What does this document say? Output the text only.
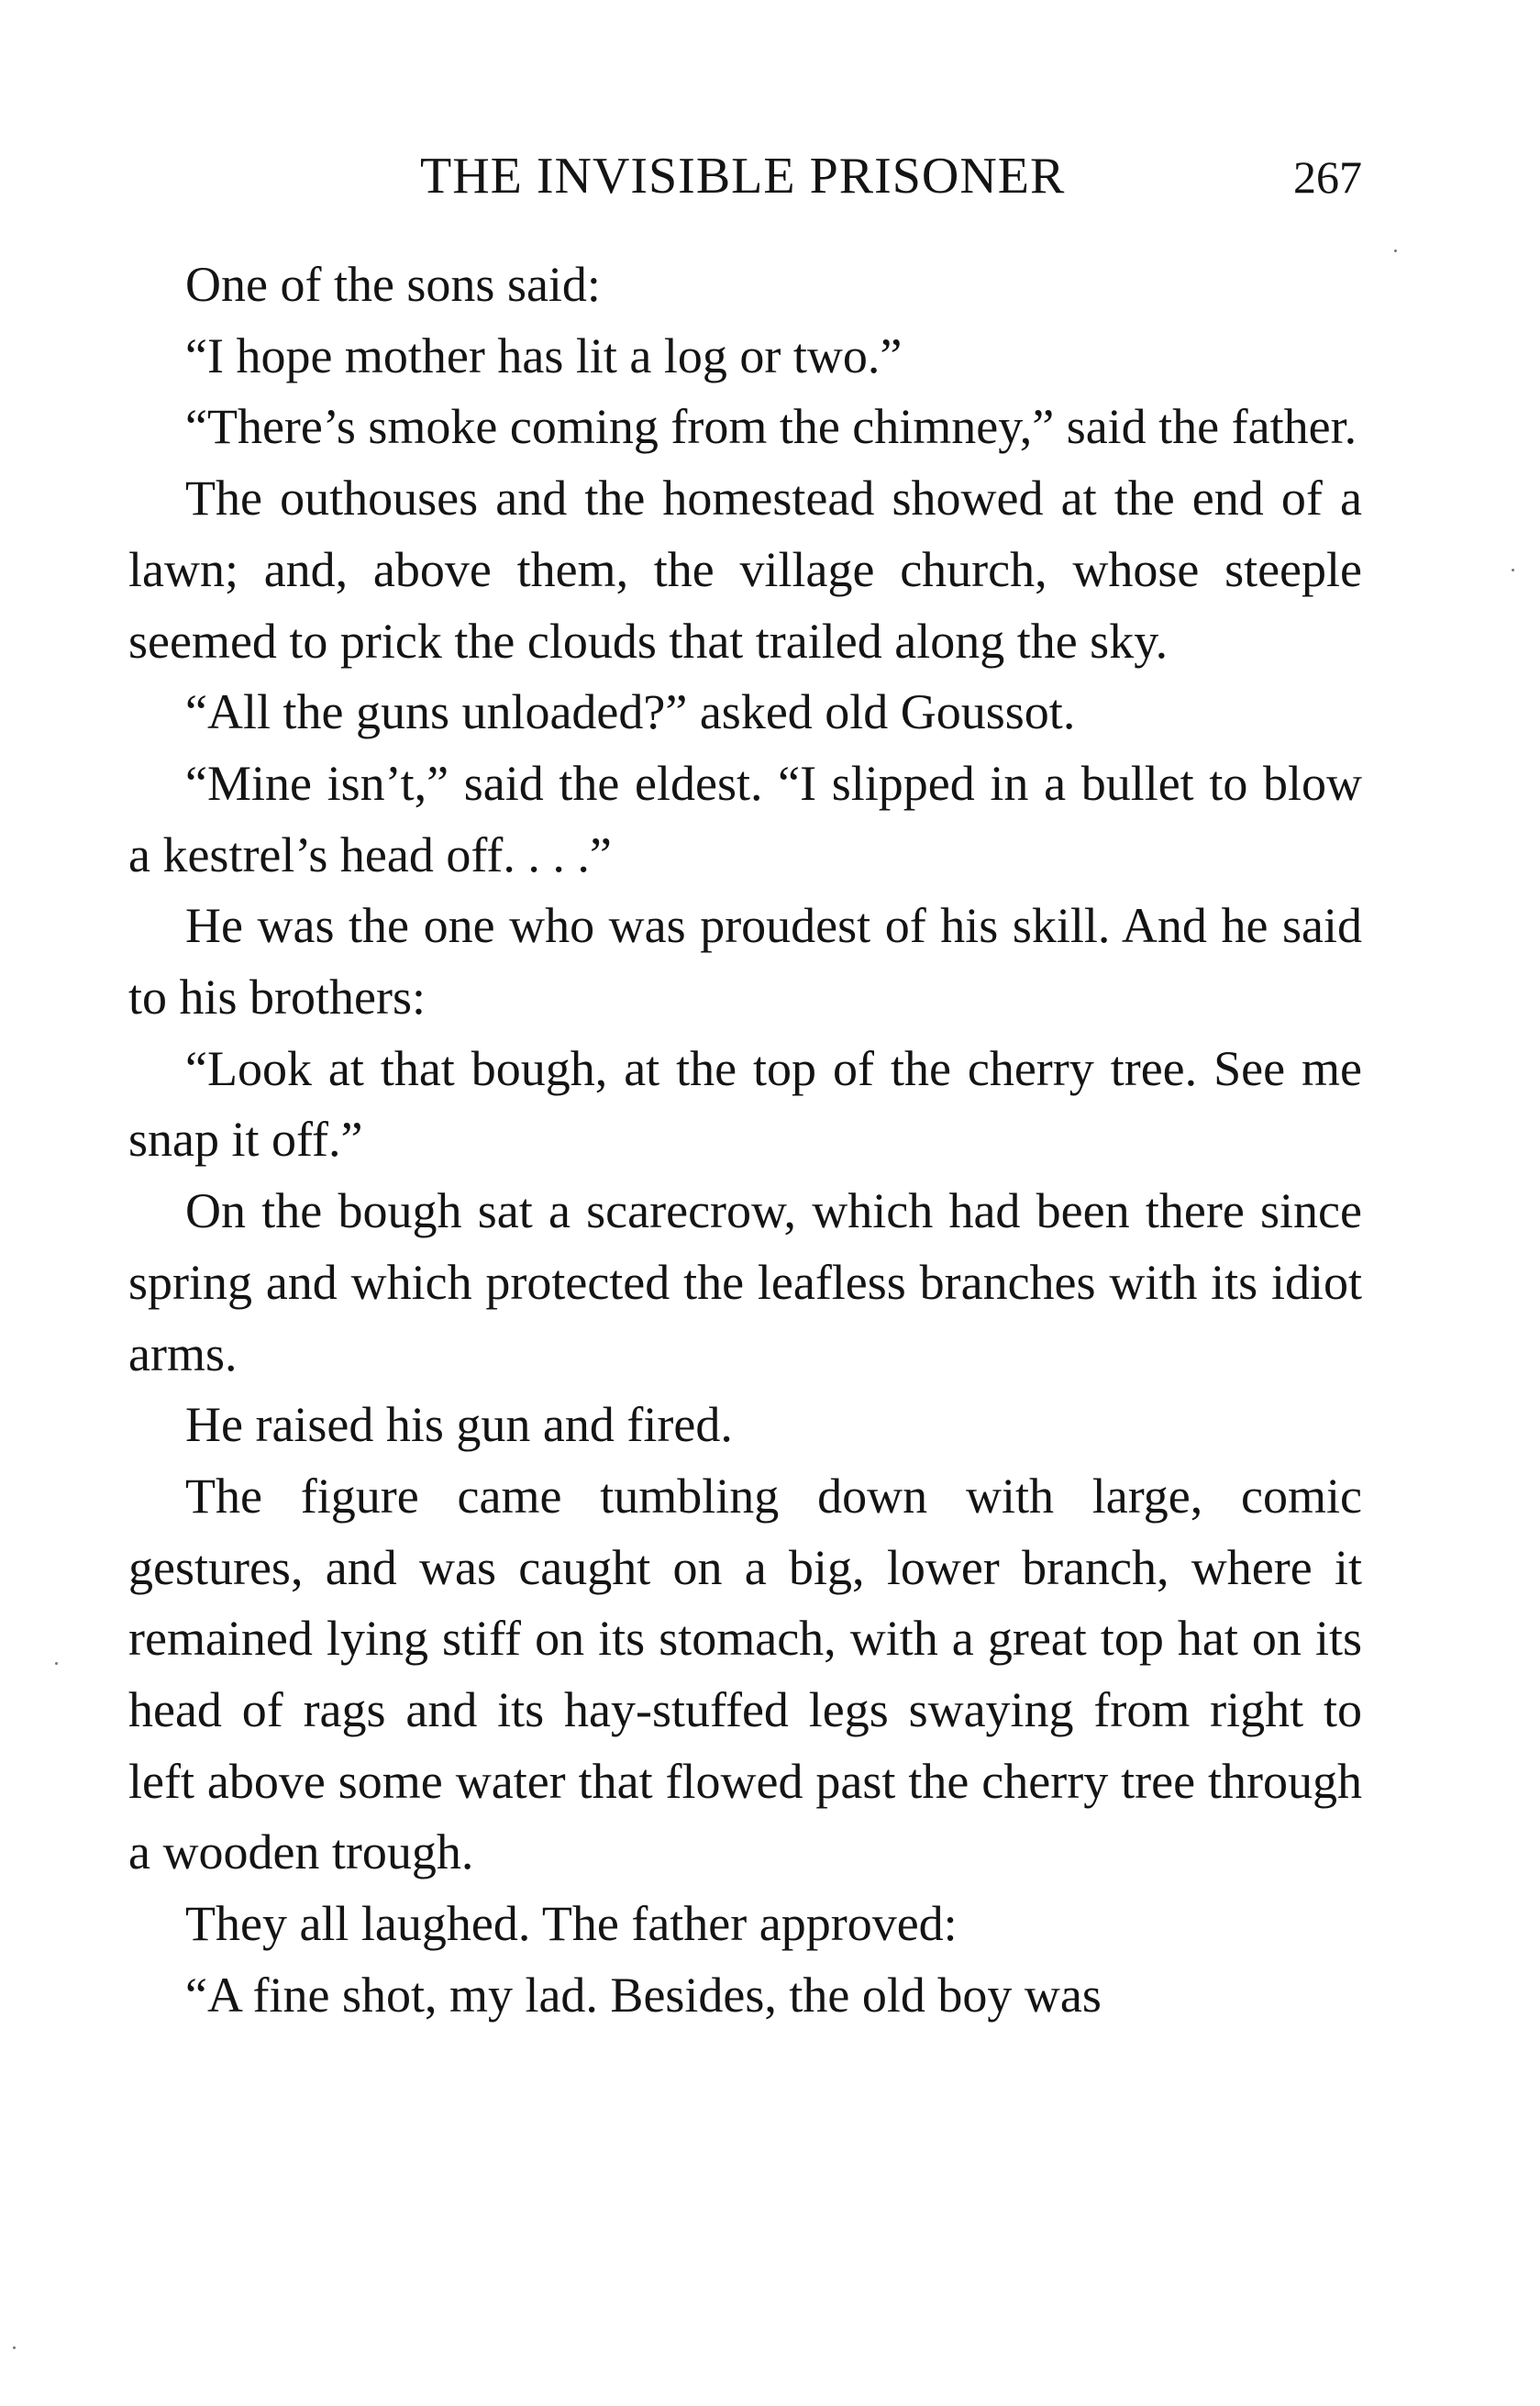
THE INVISIBLE PRISONER	267

One of the sons said:

“I hope mother has lit a log or two.”

“There’s smoke coming from the chimney,” said the father.

The outhouses and the homestead showed at the end of a lawn; and, above them, the village church, whose steeple seemed to prick the clouds that trailed along the sky.

“All the guns unloaded?” asked old Goussot.

“Mine isn’t,” said the eldest. “I slipped in a bullet to blow a kestrel’s head off. . . .”

He was the one who was proudest of his skill. And he said to his brothers:

“Look at that bough, at the top of the cherry tree. See me snap it off.”

On the bough sat a scarecrow, which had been there since spring and which protected the leafless branches with its idiot arms.

He raised his gun and fired.

The figure came tumbling down with large, comic gestures, and was caught on a big, lower branch, where it remained lying stiff on its stomach, with a great top hat on its head of rags and its hay-stuffed legs swaying from right to left above some water that flowed past the cherry tree through a wooden trough.

They all laughed. The father approved:

“A fine shot, my lad. Besides, the old boy was
